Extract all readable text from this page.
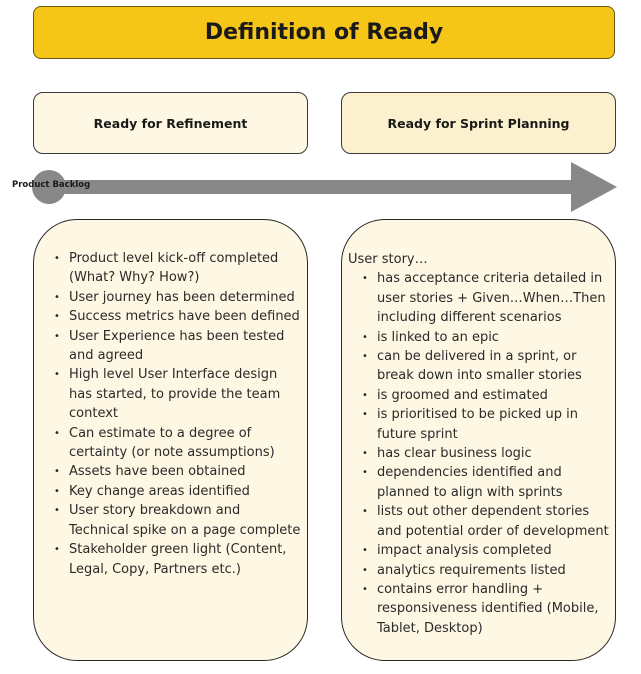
Definition of Ready
Ready for Refinement	Ready for Sprint Planning
Product Backlog
• Product level kick-off completed (What? Why? How?)
• User journey has been determined
• Success metrics have been defined
• User Experience has been tested and agreed
• High level User Interface design has started, to provide the team context
• Can estimate to a degree of certainty (or note assumptions)
• Assets have been obtained
• Key change areas identified
• User story breakdown and Technical spike on a page complete
• Stakeholder green light (Content, Legal, Copy, Partners etc.)

User story…

• has acceptance criteria detailed in user stories + Given…When…Then including different scenarios
• is linked to an epic
• can be delivered in a sprint, or break down into smaller stories
• is groomed and estimated
• is prioritised to be picked up in future sprint
• has clear business logic
• dependencies identified and planned to align with sprints
• lists out other dependent stories and potential order of development
• impact analysis completed
• analytics requirements listed
• contains error handling + responsiveness identified (Mobile, Tablet, Desktop)
